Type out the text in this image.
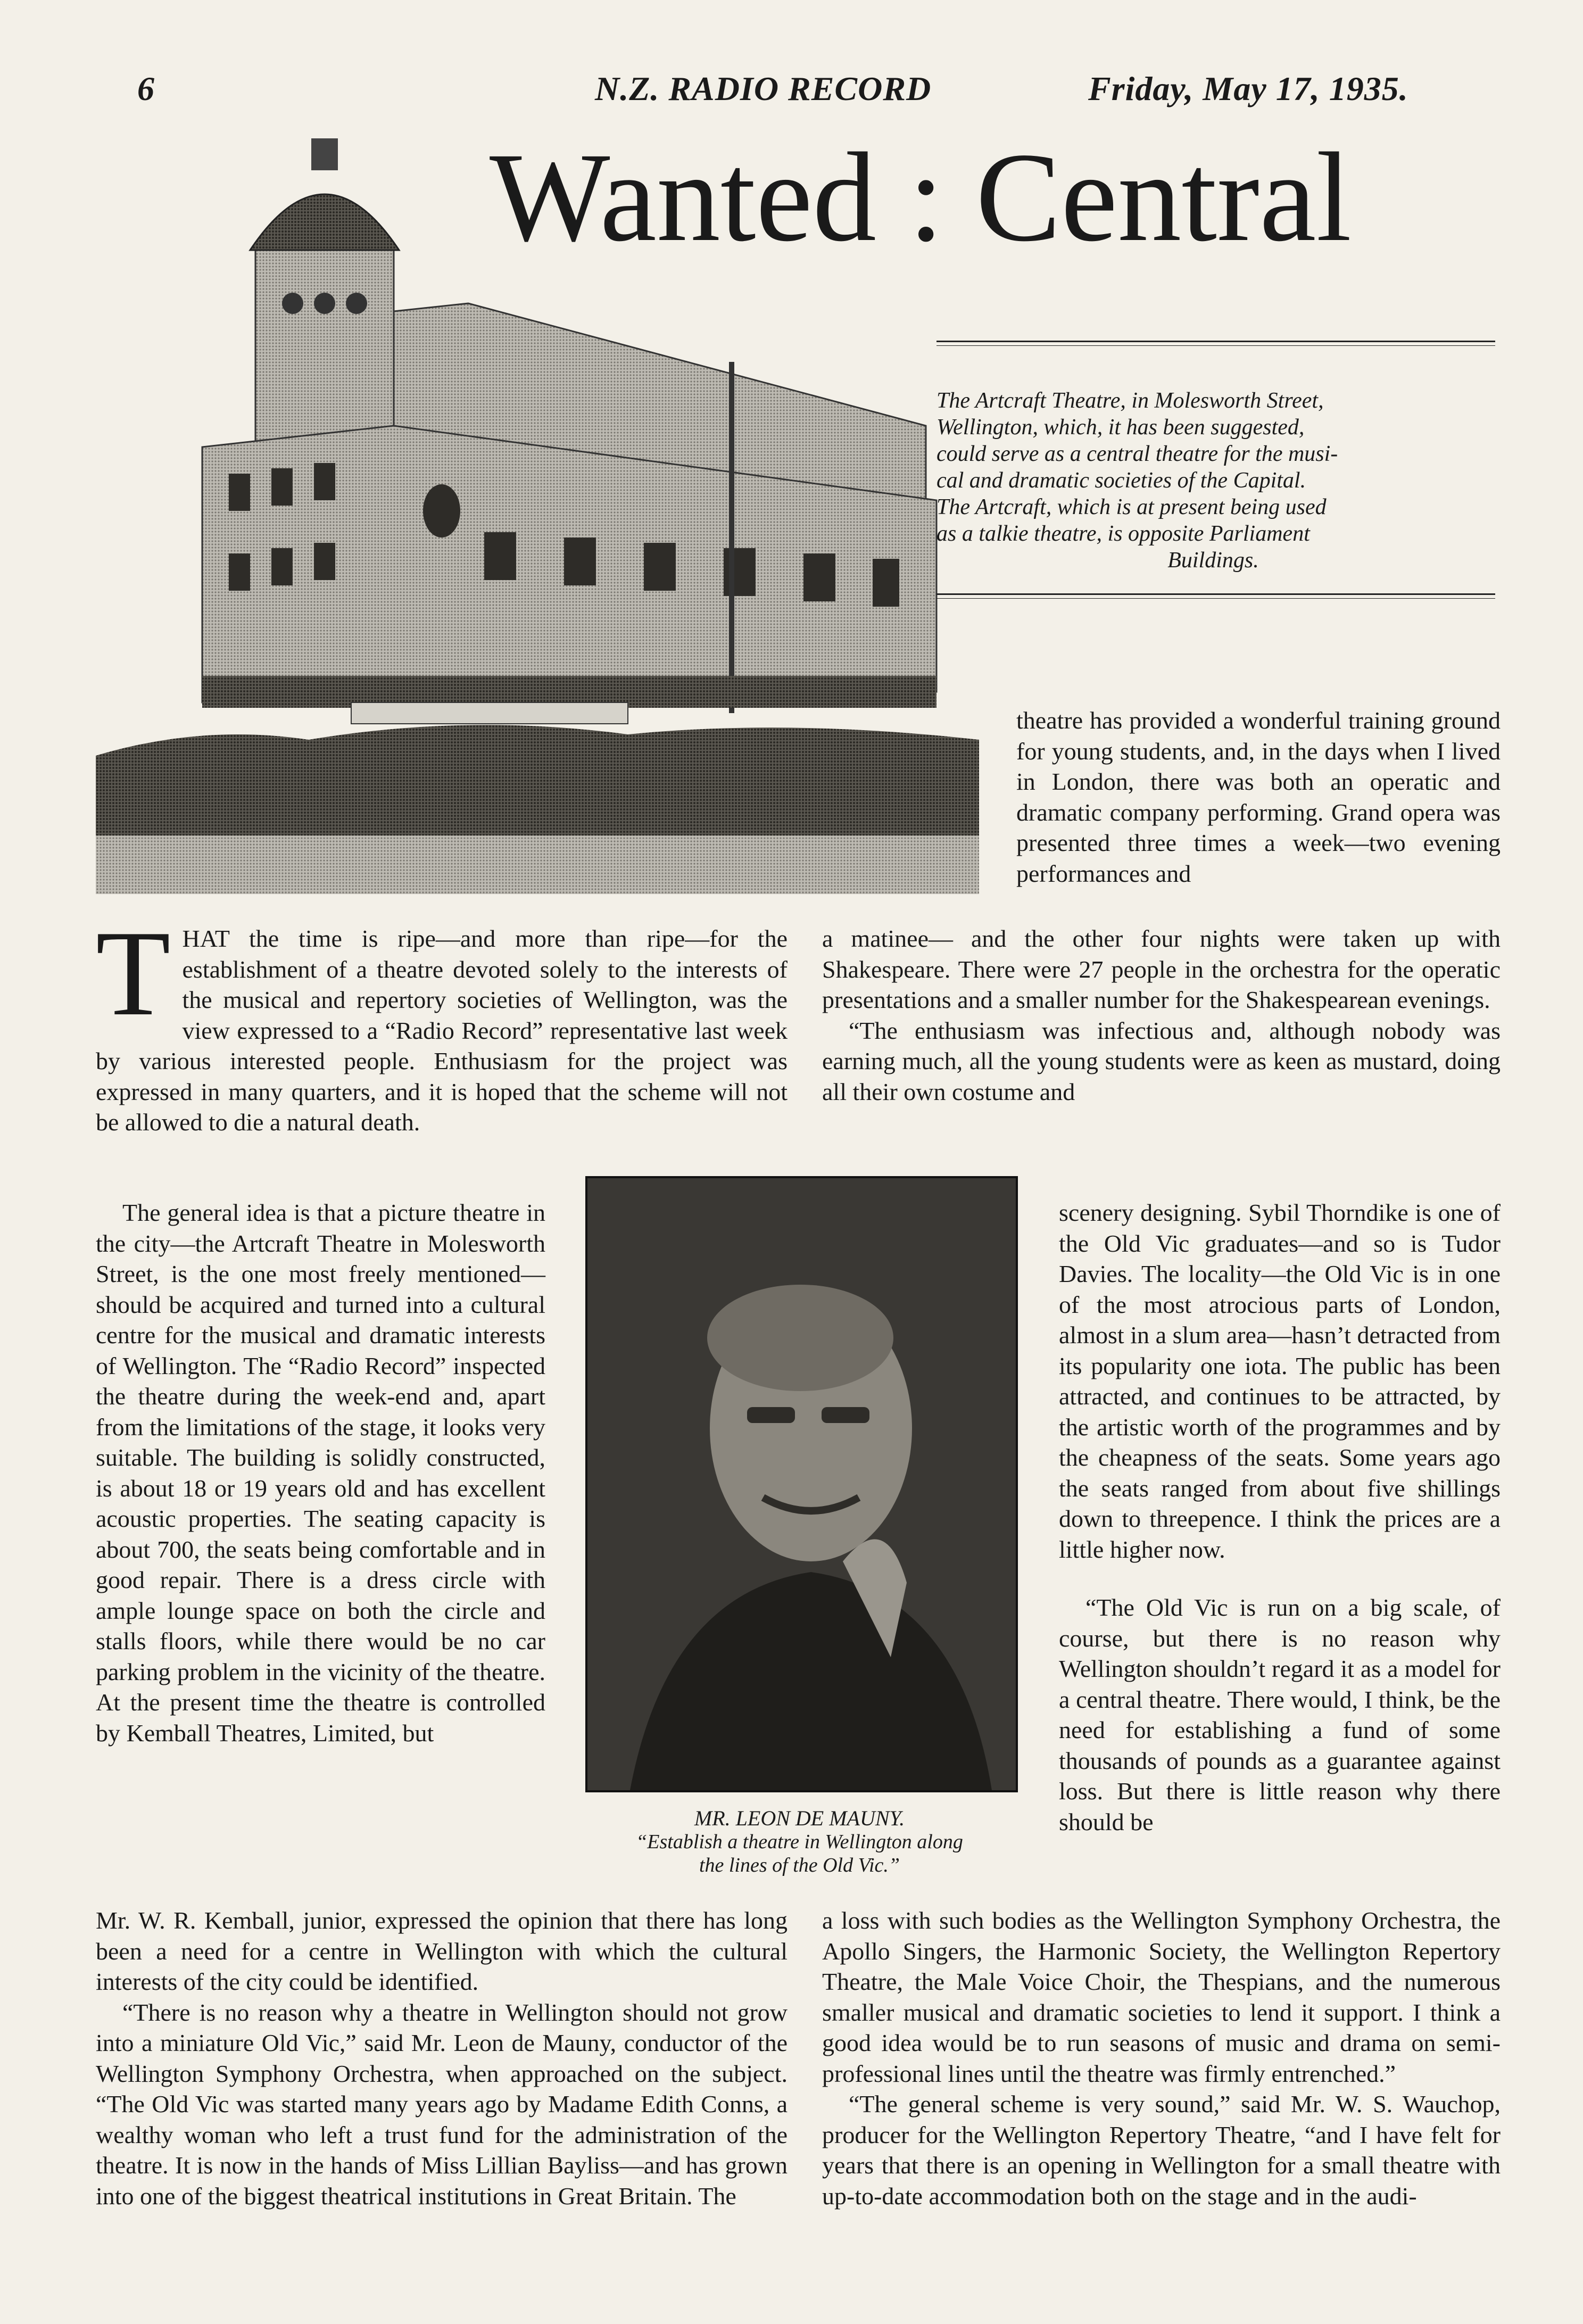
6	N.Z. RADIO RECORD	Friday, May 17, 1935.
Wanted : Central
The Artcraft Theatre, in Molesworth Street,
Wellington, which, it has been suggested,
could serve as a central theatre for the musi-
cal and dramatic societies of the Capital.
The Artcraft, which is at present being used
as a talkie theatre, is opposite Parliament
Buildings.

theatre has provided a wonderful training ground for young students, and, in the days when I lived in London, there was both an operatic and dramatic company performing. Grand opera was presented three times a week—two evening performances and

THAT the time is ripe—and more than ripe—for the establishment of a theatre devoted solely to the interests of the musical and repertory societies of Wellington, was the view expressed to a “Radio Record” representative last week by various interested people. Enthusiasm for the project was expressed in many quarters, and it is hoped that the scheme will not be allowed to die a natural death.

a matinee— and the other four nights were taken up with Shakespeare. There were 27 people in the orchestra for the operatic presentations and a smaller number for the Shakespearean evenings.

“The enthusiasm was infectious and, although nobody was earning much, all the young students were as keen as mustard, doing all their own costume and

The general idea is that a picture theatre in the city—the Artcraft Theatre in Molesworth Street, is the one most freely mentioned—should be acquired and turned into a cultural centre for the musical and dramatic interests of Wellington. The “Radio Record” inspected the theatre during the week-end and, apart from the limitations of the stage, it looks very suitable. The building is solidly constructed, is about 18 or 19 years old and has excellent acoustic properties. The seating capacity is about 700, the seats being comfortable and in good repair. There is a dress circle with ample lounge space on both the circle and stalls floors, while there would be no car parking problem in the vicinity of the theatre. At the present time the theatre is controlled by Kemball Theatres, Limited, but

MR. LEON DE MAUNY.
“Establish a theatre in Wellington along
the lines of the Old Vic.”

scenery designing. Sybil Thorndike is one of the Old Vic graduates—and so is Tudor Davies. The locality—the Old Vic is in one of the most atrocious parts of London, almost in a slum area—hasn’t detracted from its popularity one iota. The public has been attracted, and continues to be attracted, by the artistic worth of the programmes and by the cheapness of the seats. Some years ago the seats ranged from about five shillings down to threepence. I think the prices are a little higher now.

“The Old Vic is run on a big scale, of course, but there is no reason why Wellington shouldn’t regard it as a model for a central theatre. There would, I think, be the need for establishing a fund of some thousands of pounds as a guarantee against loss. But there is little reason why there should be

Mr. W. R. Kemball, junior, expressed the opinion that there has long been a need for a centre in Wellington with which the cultural interests of the city could be identified.

“There is no reason why a theatre in Wellington should not grow into a miniature Old Vic,” said Mr. Leon de Mauny, conductor of the Wellington Symphony Orchestra, when approached on the subject. “The Old Vic was started many years ago by Madame Edith Conns, a wealthy woman who left a trust fund for the administration of the theatre. It is now in the hands of Miss Lillian Bayliss—and has grown into one of the biggest theatrical institutions in Great Britain. The

a loss with such bodies as the Wellington Symphony Orchestra, the Apollo Singers, the Harmonic Society, the Wellington Repertory Theatre, the Male Voice Choir, the Thespians, and the numerous smaller musical and dramatic societies to lend it support. I think a good idea would be to run seasons of music and drama on semi-professional lines until the theatre was firmly entrenched.”

“The general scheme is very sound,” said Mr. W. S. Wauchop, producer for the Wellington Repertory Theatre, “and I have felt for years that there is an opening in Wellington for a small theatre with up-to-date accommodation both on the stage and in the audi-
